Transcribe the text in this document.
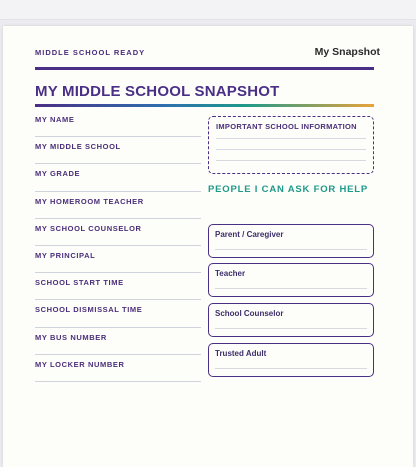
MIDDLE SCHOOL READY	My Snapshot
MY MIDDLE SCHOOL SNAPSHOT
MY NAME
MY MIDDLE SCHOOL
MY GRADE
MY HOMEROOM TEACHER
MY SCHOOL COUNSELOR
MY PRINCIPAL
SCHOOL START TIME
SCHOOL DISMISSAL TIME
MY BUS NUMBER
MY LOCKER NUMBER
IMPORTANT SCHOOL INFORMATION
PEOPLE I CAN ASK FOR HELP
Parent / Caregiver
Teacher
School Counselor
Trusted Adult
